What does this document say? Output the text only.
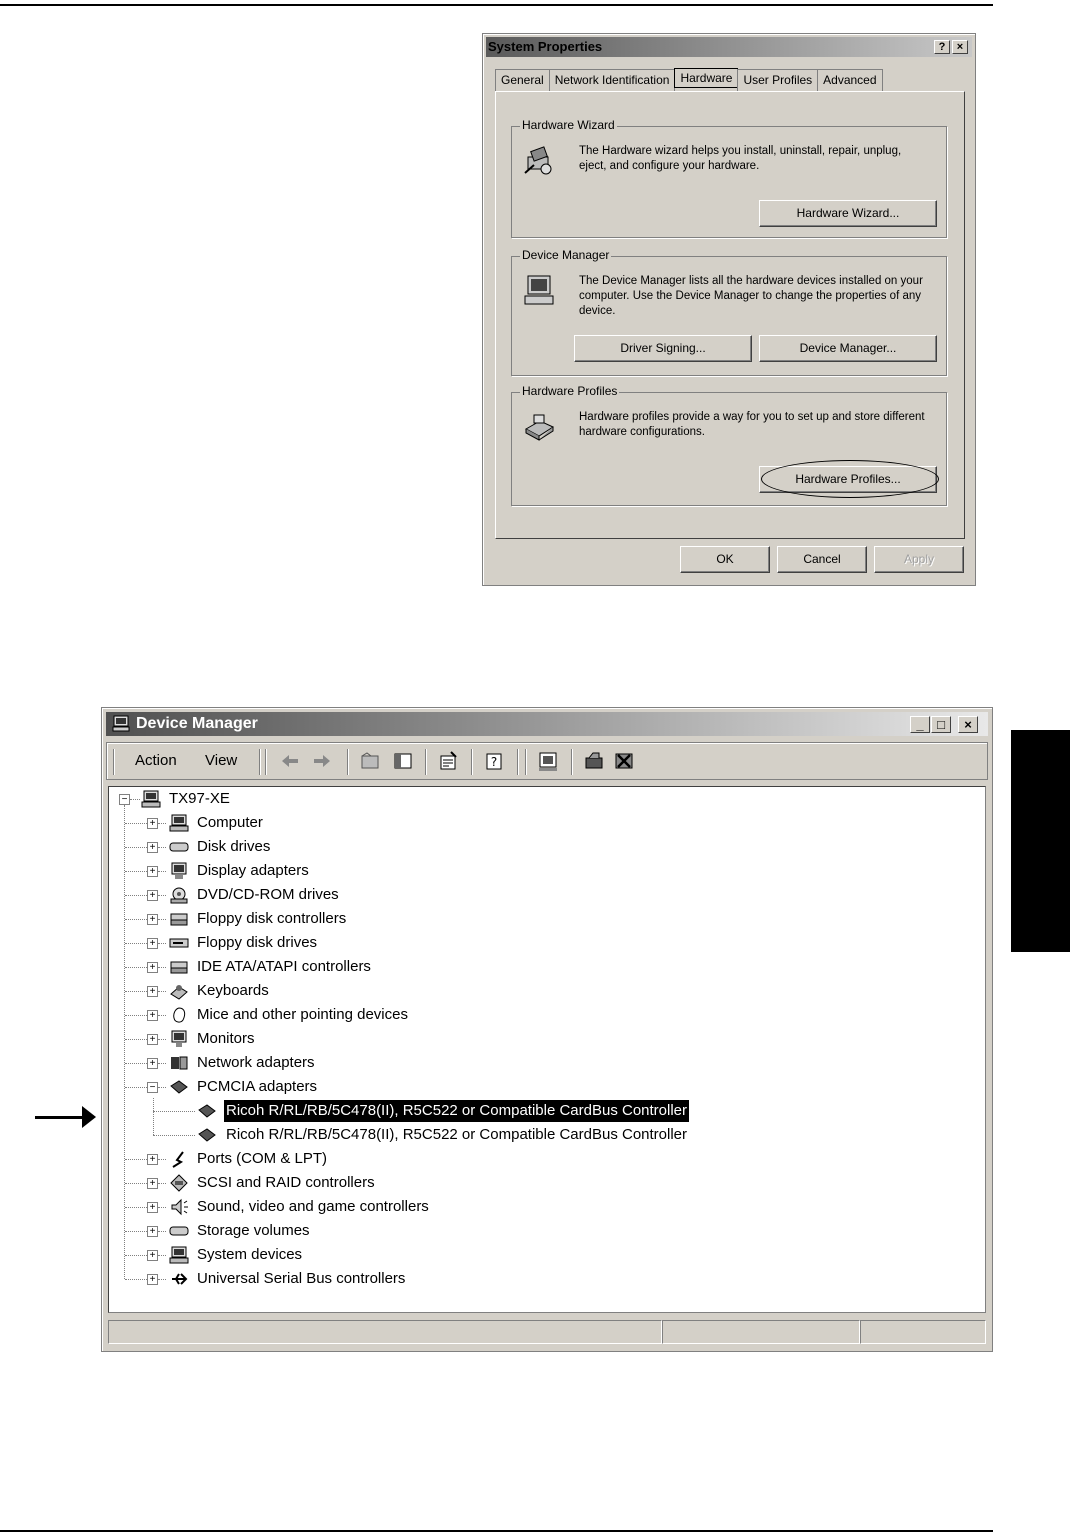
System Properties	?	×
General Network Identification Hardware User Profiles Advanced
Hardware Wizard
The Hardware wizard helps you install, uninstall, repair, unplug, eject, and configure your hardware.
Hardware Wizard...
Device Manager
The Device Manager lists all the hardware devices installed on your computer. Use the Device Manager to change the properties of any device.
Driver Signing...	Device Manager...
Hardware Profiles
Hardware profiles provide a way for you to set up and store different hardware configurations.
Hardware Profiles...
OK	Cancel	Apply
Device Manager	_	□	×
Action View	?
−	TX97-XE
+	Computer
+	Disk drives
+	Display adapters
+	DVD/CD-ROM drives
+	Floppy disk controllers
+	Floppy disk drives
+	IDE ATA/ATAPI controllers
+	Keyboards
+	Mice and other pointing devices
+	Monitors
+	Network adapters
−	PCMCIA adapters
Ricoh R/RL/RB/5C478(II), R5C522 or Compatible CardBus Controller
Ricoh R/RL/RB/5C478(II), R5C522 or Compatible CardBus Controller
+	Ports (COM & LPT)
+	SCSI and RAID controllers
+	Sound, video and game controllers
+	Storage volumes
+	System devices
+	Universal Serial Bus controllers
